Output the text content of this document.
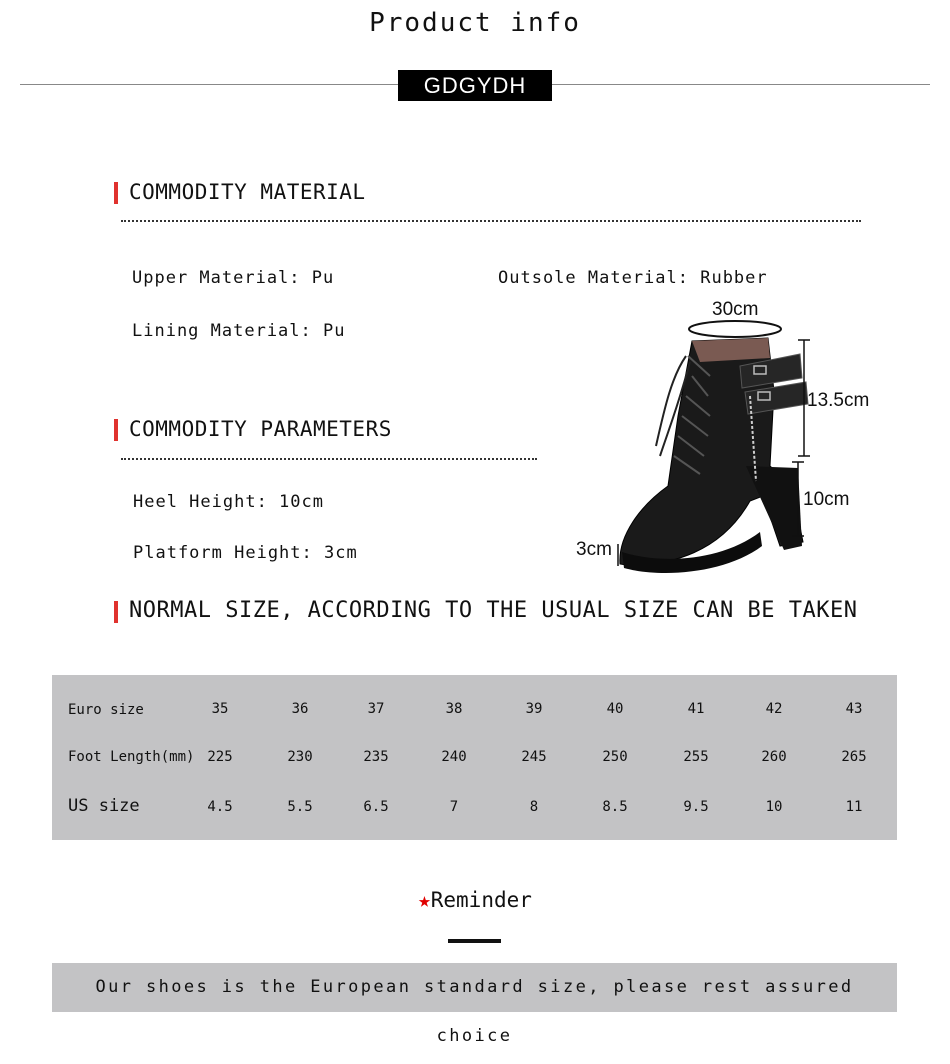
Product info
GDGYDH
COMMODITY MATERIAL
Upper Material: Pu	Outsole Material: Rubber
Lining Material: Pu
COMMODITY PARAMETERS
Heel Height: 10cm
Platform Height: 3cm
30cm
13.5cm
10cm
3cm
NORMAL SIZE, ACCORDING TO THE USUAL SIZE CAN BE TAKEN
Euro size	35	36	37	38	39	40	41	42	43
Foot Length(mm) 225	230	235	240	245	250	255	260	265
US size	4.5	5.5	6.5	7	8	8.5	9.5	10	11
★Reminder
Our shoes is the European standard size, please rest assured choice
